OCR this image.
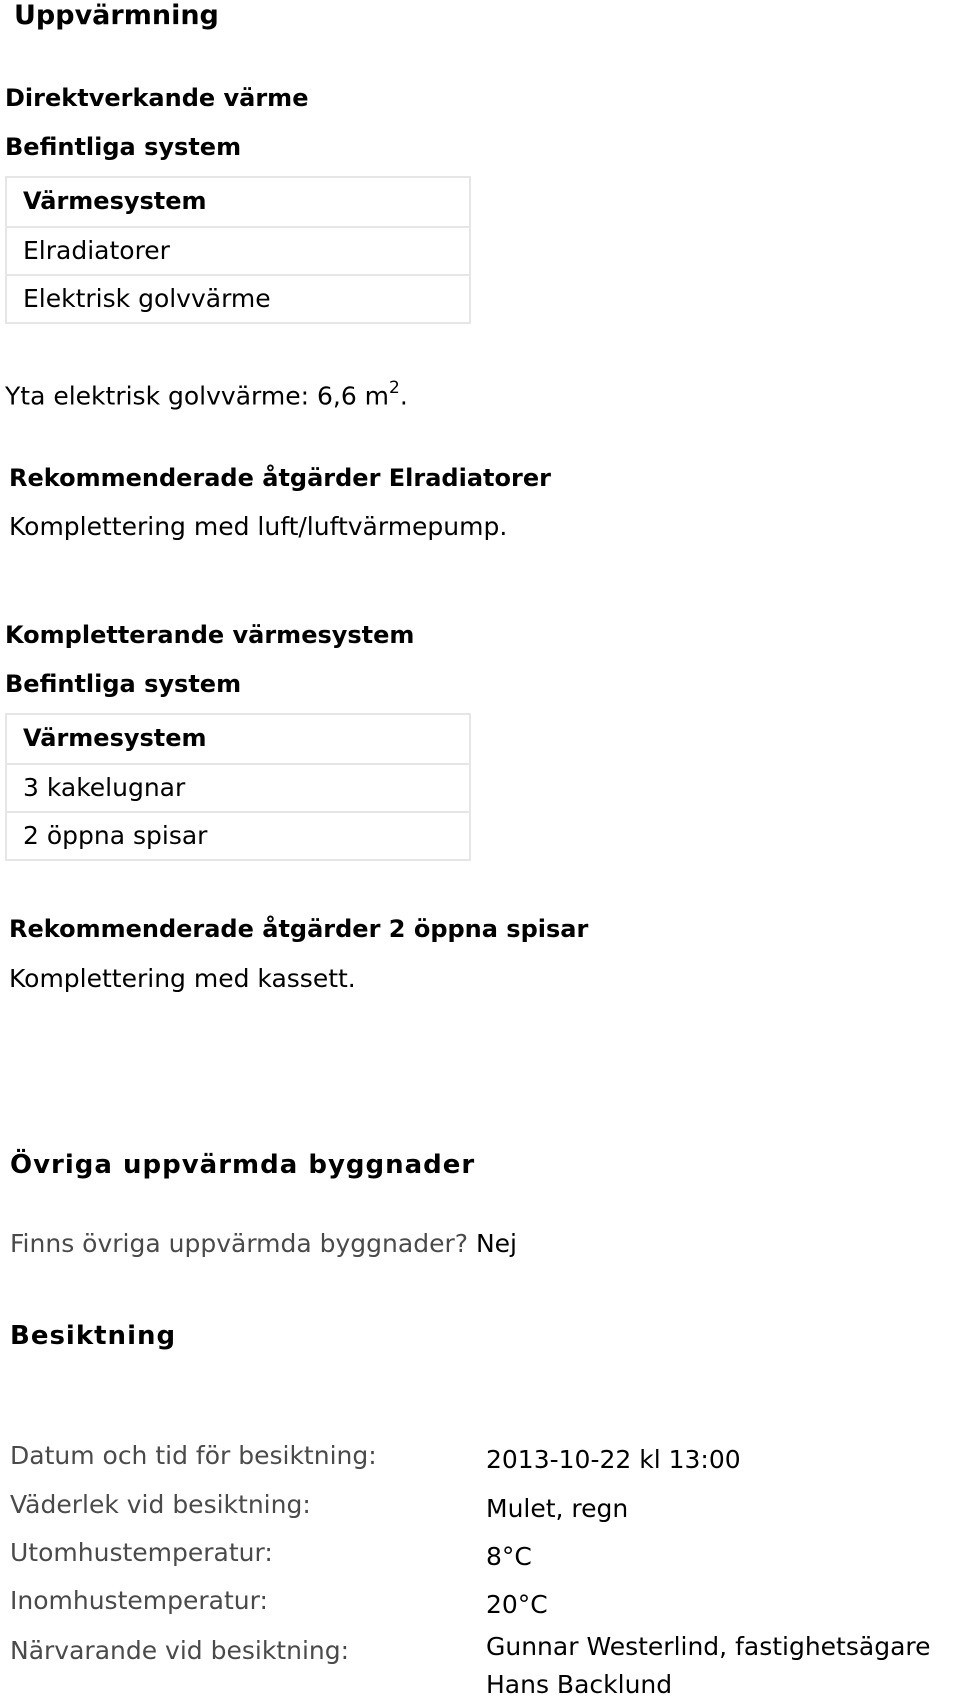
Uppvärmning
Direktverkande värme
Befintliga system
Värmesystem
Elradiatorer
Elektrisk golvvärme
Yta elektrisk golvvärme: 6,6 $m^2$.
Rekommenderade åtgärder Elradiatorer
Komplettering med luft/luftvärmepump.
Kompletterande värmesystem
Befintliga system
Värmesystem
3 kakelugnar
2 öppna spisar
Rekommenderade åtgärder 2 öppna spisar
Komplettering med kassett.
Övriga uppvärmda byggnader
Finns övriga uppvärmda byggnader? Nej
Besiktning
Datum och tid för besiktning:	2013-10-22 kl 13:00
Väderlek vid besiktning:	Mulet, regn
Utomhustemperatur:	8°C
Inomhustemperatur:	20°C
Närvarande vid besiktning:	Gunnar Westerlind, fastighetsägare
Hans Backlund
